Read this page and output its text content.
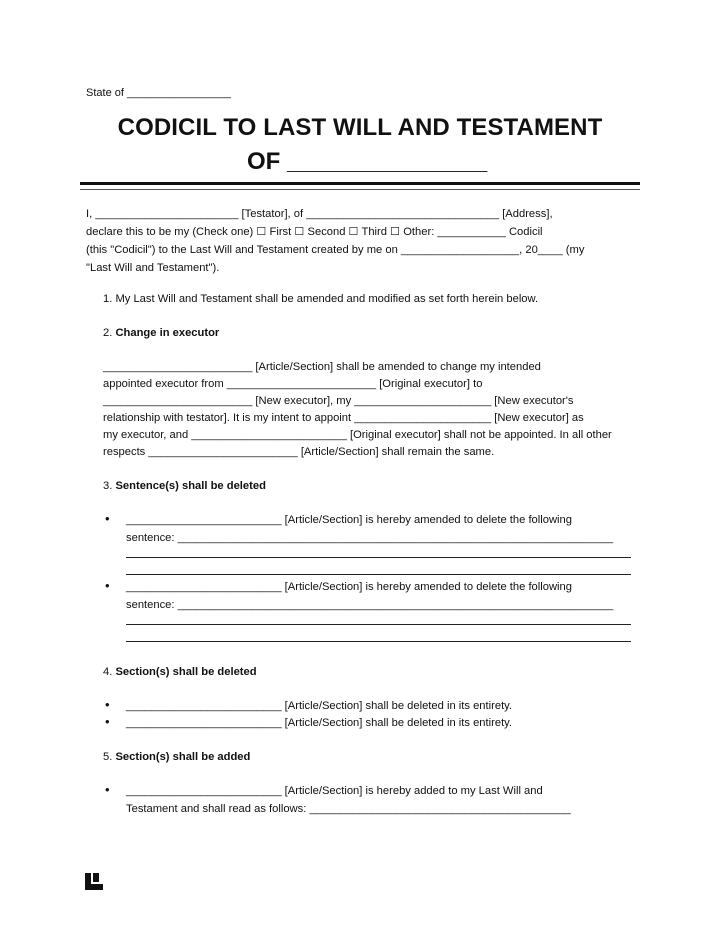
State of _________________
CODICIL TO LAST WILL AND TESTAMENT
OF _______________
I, _______________________ [Testator], of _______________________________ [Address],
declare this to be my (Check one) ☐ First ☐ Second ☐ Third ☐ Other: ___________ Codicil
(this "Codicil") to the Last Will and Testament created by me on ___________________, 20____ (my
"Last Will and Testament").
1. My Last Will and Testament shall be amended and modified as set forth herein below.
2. Change in executor
________________________ [Article/Section] shall be amended to change my intended
appointed executor from ________________________ [Original executor] to
________________________ [New executor], my ______________________ [New executor's
relationship with testator]. It is my intent to appoint ______________________ [New executor] as
my executor, and _________________________ [Original executor] shall not be appointed. In all other
respects ________________________ [Article/Section] shall remain the same.
3. Sentence(s) shall be deleted
• _________________________ [Article/Section] is hereby amended to delete the following
sentence: ______________________________________________________________________
• _________________________ [Article/Section] is hereby amended to delete the following
sentence: ______________________________________________________________________
4. Section(s) shall be deleted
• _________________________ [Article/Section] shall be deleted in its entirety.
• _________________________ [Article/Section] shall be deleted in its entirety.
5. Section(s) shall be added
• _________________________ [Article/Section] is hereby added to my Last Will and
Testament and shall read as follows: __________________________________________
